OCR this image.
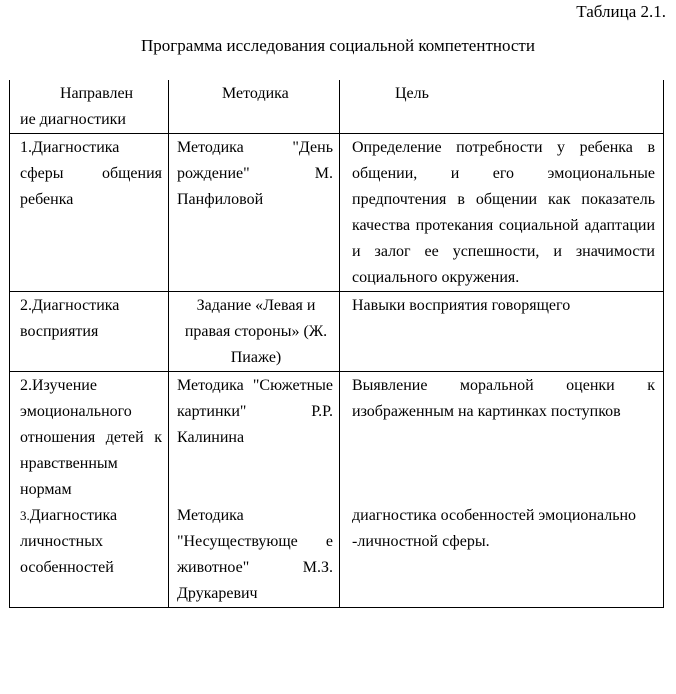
Таблица 2.1.
Программа исследования социальной компетентности
Направлен
ие диагностики	Методика	Цель

1.Диагностика сферы общения ребенка	Методика "День рождение" М. Панфиловой	Определение потребности у ребенка в общении, и его эмоциональные предпочтения в общении как показатель качества протекания социальной адаптации и залог ее успешности, и значимости социального окружения.

2.Диагностика восприятия	Задание «Левая и правая стороны» (Ж. Пиаже)	Навыки восприятия говорящего

2.Изучение эмоционального отношения детей к нравственным нормам	Методика "Сюжетные картинки" Р.Р. Калинина	Выявление моральной оценки к изображенным на картинках поступков

3.Диагностика личностных особенностей	Методика "Несуществующе е животное" М.З. Друкаревич	диагностика особенностей эмоционально -личностной сферы.
